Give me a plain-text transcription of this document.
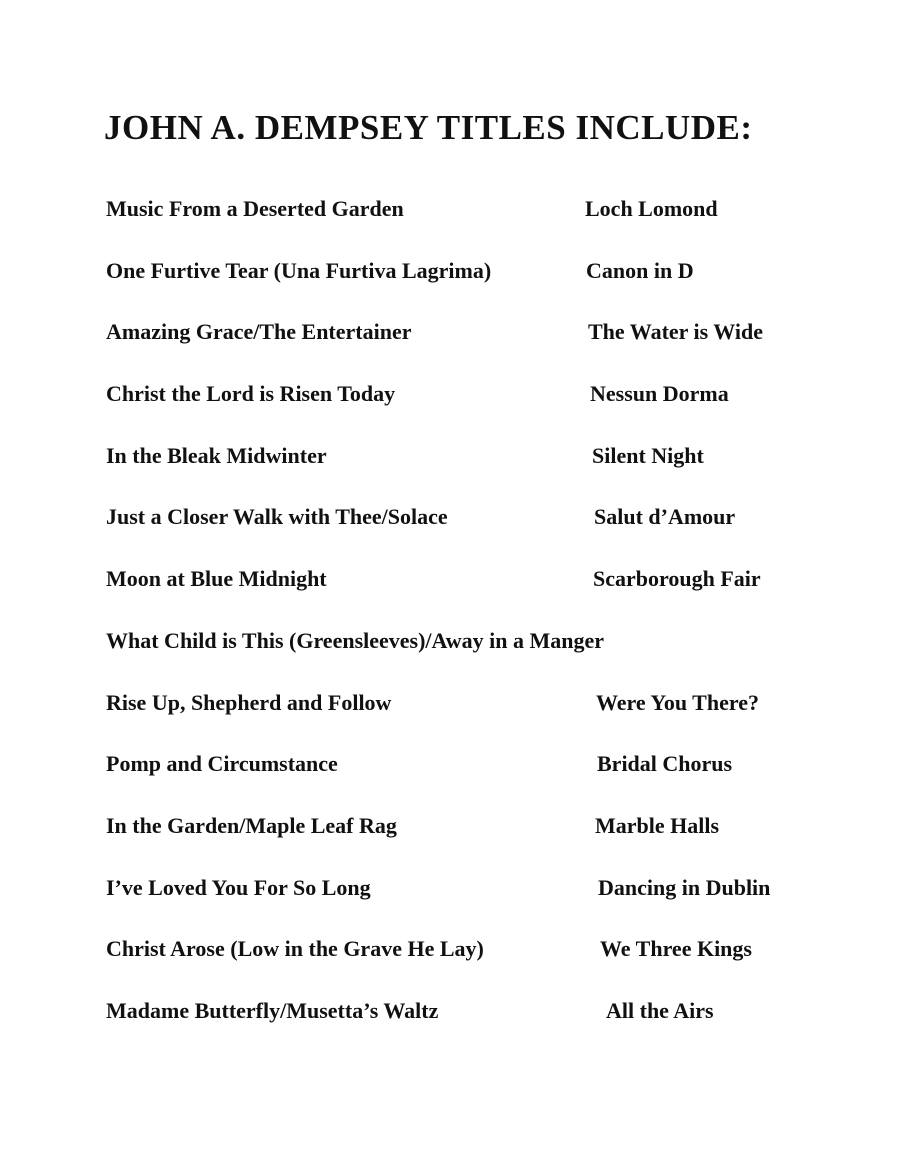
JOHN A. DEMPSEY TITLES INCLUDE:
Music From a Deserted Garden	Loch Lomond
One Furtive Tear (Una Furtiva Lagrima)	Canon in D
Amazing Grace/The Entertainer	The Water is Wide
Christ the Lord is Risen Today	Nessun Dorma
In the Bleak Midwinter	Silent Night
Just a Closer Walk with Thee/Solace	Salut d’Amour
Moon at Blue Midnight	Scarborough Fair
What Child is This (Greensleeves)/Away in a Manger
Rise Up, Shepherd and Follow	Were You There?
Pomp and Circumstance	Bridal Chorus
In the Garden/Maple Leaf Rag	Marble Halls
I’ve Loved You For So Long	Dancing in Dublin
Christ Arose (Low in the Grave He Lay)	We Three Kings
Madame Butterfly/Musetta’s Waltz	All the Airs
